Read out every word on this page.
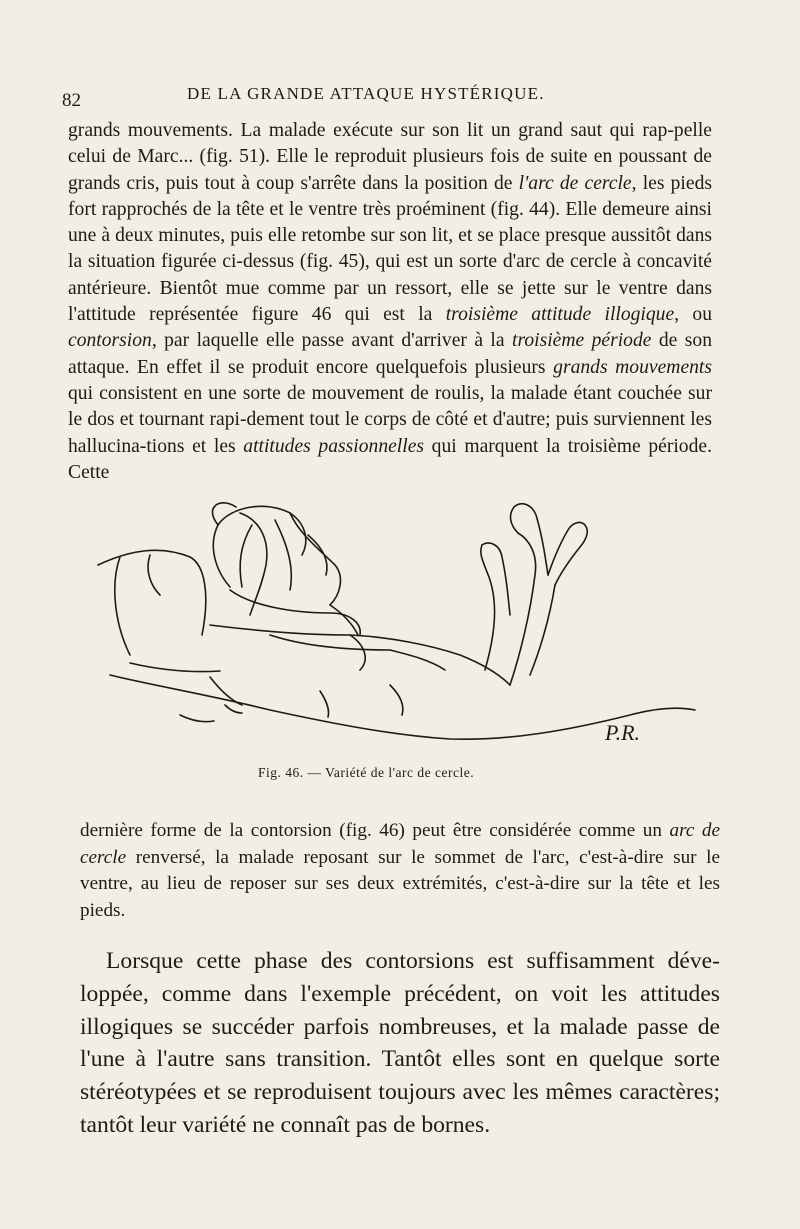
82	DE LA GRANDE ATTAQUE HYSTÉRIQUE.

grands mouvements. La malade exécute sur son lit un grand saut qui rap-pelle celui de Marc... (fig. 51). Elle le reproduit plusieurs fois de suite en poussant de grands cris, puis tout à coup s'arrête dans la position de l'arc de cercle, les pieds fort rapprochés de la tête et le ventre très proéminent (fig. 44). Elle demeure ainsi une à deux minutes, puis elle retombe sur son lit, et se place presque aussitôt dans la situation figurée ci-dessus (fig. 45), qui est un sorte d'arc de cercle à concavité antérieure. Bientôt mue comme par un ressort, elle se jette sur le ventre dans l'attitude représentée figure 46 qui est la troisième attitude illogique, ou contorsion, par laquelle elle passe avant d'arriver à la troisième période de son attaque. En effet il se produit encore quelquefois plusieurs grands mouvements qui consistent en une sorte de mouvement de roulis, la malade étant couchée sur le dos et tournant rapi-dement tout le corps de côté et d'autre; puis surviennent les hallucina-tions et les attitudes passionnelles qui marquent la troisième période. Cette

P.R.
Fig. 46. — Variété de l'arc de cercle.

dernière forme de la contorsion (fig. 46) peut être considérée comme un arc de cercle renversé, la malade reposant sur le sommet de l'arc, c'est-à-dire sur le ventre, au lieu de reposer sur ses deux extrémités, c'est-à-dire sur la tête et les pieds.

Lorsque cette phase des contorsions est suffisamment déve-loppée, comme dans l'exemple précédent, on voit les attitudes illogiques se succéder parfois nombreuses, et la malade passe de l'une à l'autre sans transition. Tantôt elles sont en quelque sorte stéréotypées et se reproduisent toujours avec les mêmes caractères; tantôt leur variété ne connaît pas de bornes.
